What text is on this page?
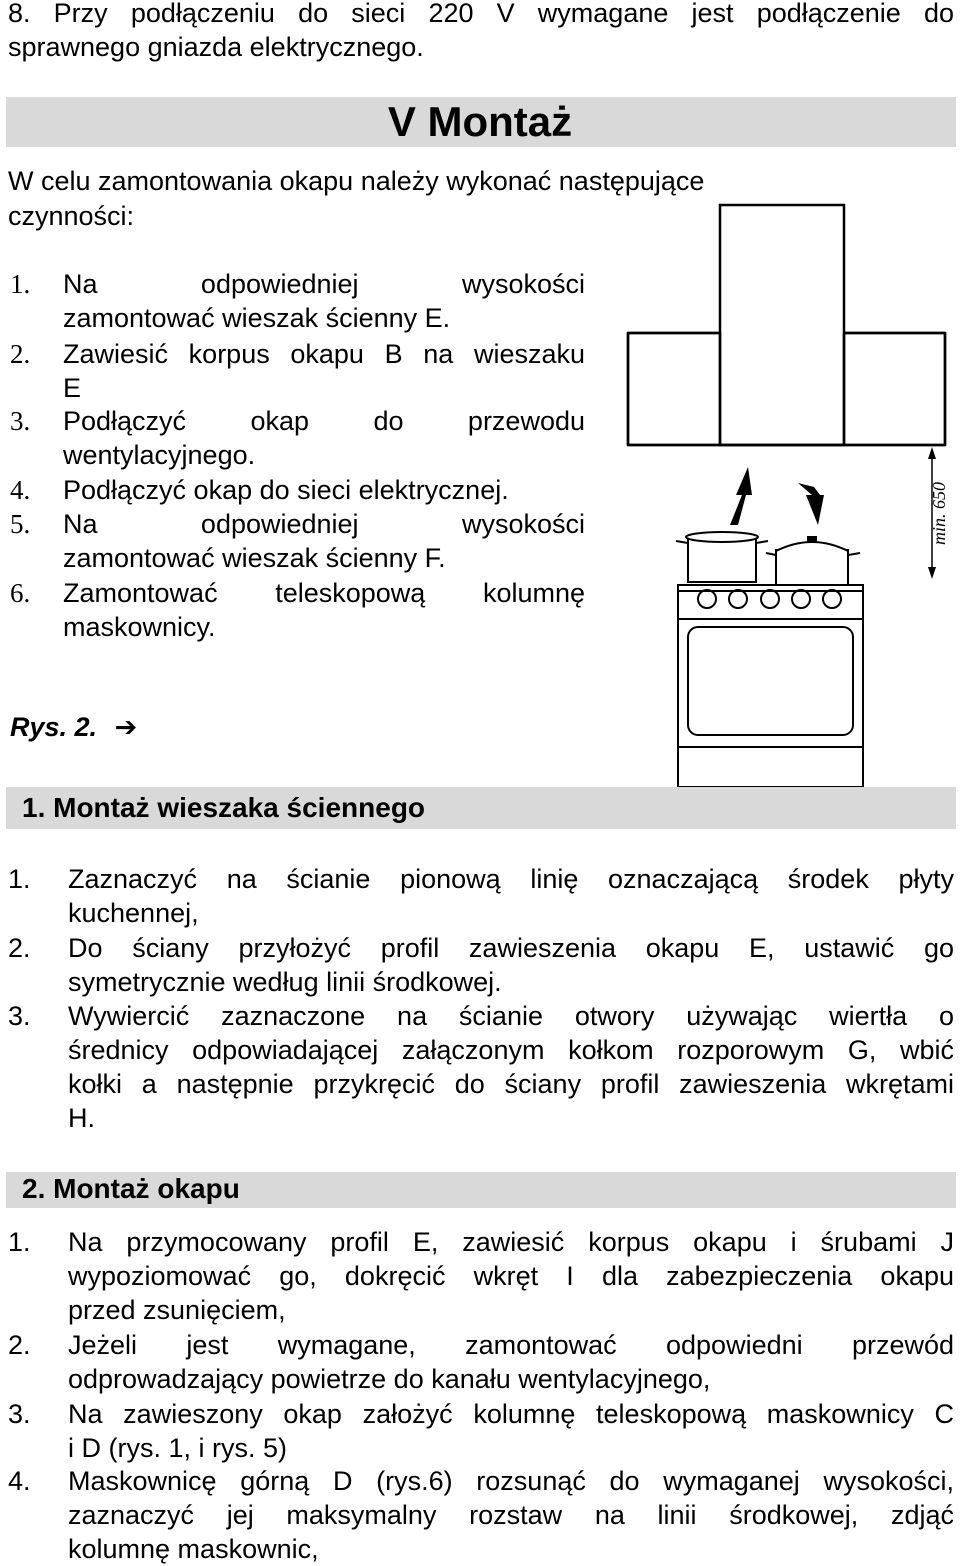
8. Przy podłączeniu do sieci 220 V wymagane jest podłączenie do
sprawnego gniazda elektrycznego.
V Montaż
W celu zamontowania okapu należy wykonać następujące
czynności:
1. Na odpowiedniej wysokości
zamontować wieszak ścienny E.
2. Zawiesić korpus okapu B na wieszaku
E
3. Podłączyć okap do przewodu
wentylacyjnego.
4. Podłączyć okap do sieci elektrycznej.
5. Na odpowiedniej wysokości
zamontować wieszak ścienny F.
6. Zamontować teleskopową kolumnę
maskownicy.
Rys. 2. ➔
min. 650
1. Montaż wieszaka ściennego
1. Zaznaczyć na ścianie pionową linię oznaczającą środek płyty
kuchennej,
2. Do ściany przyłożyć profil zawieszenia okapu E, ustawić go
symetrycznie według linii środkowej.
3. Wywiercić zaznaczone na ścianie otwory używając wiertła o
średnicy odpowiadającej załączonym kołkom rozporowym G, wbić
kołki a następnie przykręcić do ściany profil zawieszenia wkrętami
H.
2. Montaż okapu
1. Na przymocowany profil E, zawiesić korpus okapu i śrubami J
wypoziomować go, dokręcić wkręt I dla zabezpieczenia okapu
przed zsunięciem,
2. Jeżeli jest wymagane, zamontować odpowiedni przewód
odprowadzający powietrze do kanału wentylacyjnego,
3. Na zawieszony okap założyć kolumnę teleskopową maskownicy C
i D (rys. 1, i rys. 5)
4. Maskownicę górną D (rys.6) rozsunąć do wymaganej wysokości,
zaznaczyć jej maksymalny rozstaw na linii środkowej, zdjąć
kolumnę maskownic,
